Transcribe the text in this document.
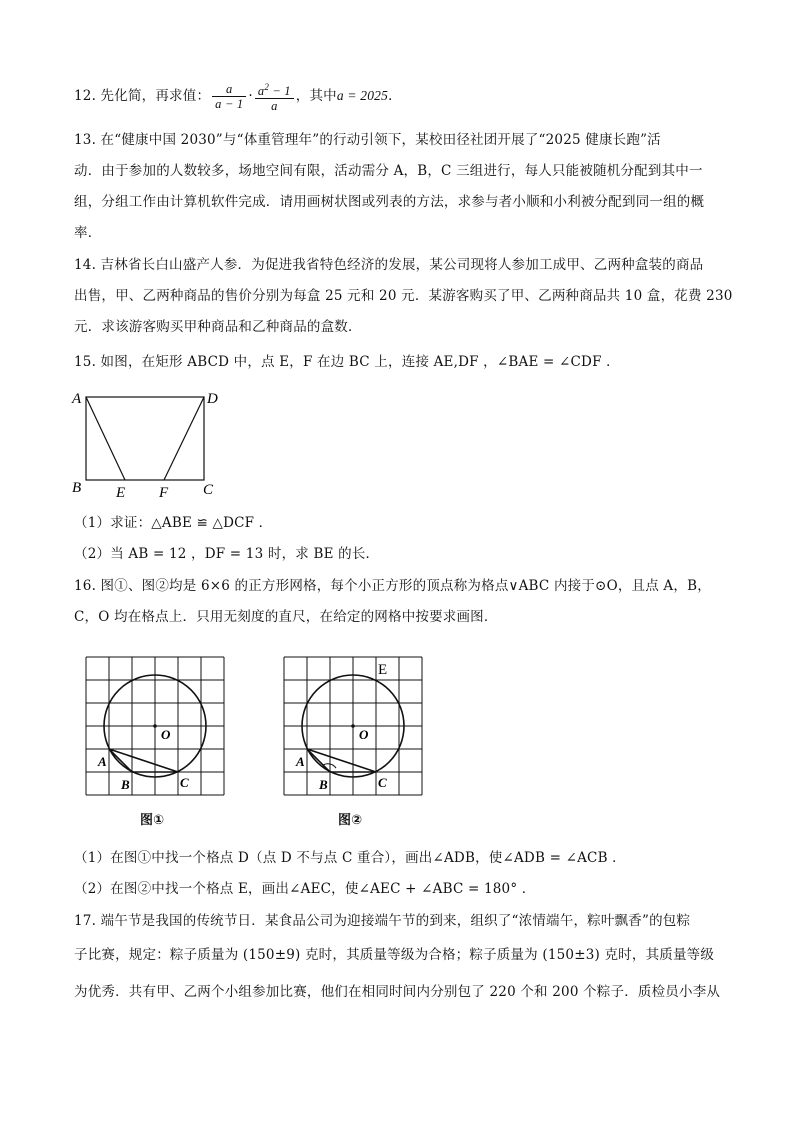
12. 先化简，再求值： $\frac{a}{a - 1} \cdot \frac{a^2 - 1}{a}$ ，其中a = 2025．
13. 在“健康中国 2030”与“体重管理年”的行动引领下，某校田径社团开展了“2025 健康长跑”活
动．由于参加的人数较多，场地空间有限，活动需分 A，B，C 三组进行，每人只能被随机分配到其中一
组，分组工作由计算机软件完成．请用画树状图或列表的方法，求参与者小顺和小利被分配到同一组的概
率．
14. 吉林省长白山盛产人参．为促进我省特色经济的发展，某公司现将人参加工成甲、乙两种盒装的商品
出售，甲、乙两种商品的售价分别为每盒 25 元和 20 元．某游客购买了甲、乙两种商品共 10 盒，花费 230
元．求该游客购买甲种商品和乙种商品的盒数．
15. 如图，在矩形 ABCD 中，点 E，F 在边 BC 上，连接 AE,DF ，∠BAE = ∠CDF ．
A	D
B	C
E F
（1）求证：△ABE ≌ △DCF ．
（2）当 AB = 12 ，DF = 13 时，求 BE 的长．
16. 图①、图②均是 6×6 的正方形网格，每个小正方形的顶点称为格点∨ABC 内接于⊙O，且点 A，B，
C，O 均在格点上．只用无刻度的直尺，在给定的网格中按要求画图．
O
A
B	C
图①
E
O
A
B	C
图②
（1）在图①中找一个格点 D（点 D 不与点 C 重合），画出∠ADB，使∠ADB = ∠ACB ．
（2）在图②中找一个格点 E，画出∠AEC，使∠AEC + ∠ABC = 180° ．
17. 端午节是我国的传统节日．某食品公司为迎接端午节的到来，组织了“浓情端午，粽叶飘香”的包粽
子比赛，规定：粽子质量为 (150±9) 克时，其质量等级为合格；粽子质量为 (150±3) 克时，其质量等级
为优秀．共有甲、乙两个小组参加比赛，他们在相同时间内分别包了 220 个和 200 个粽子．质检员小李从
